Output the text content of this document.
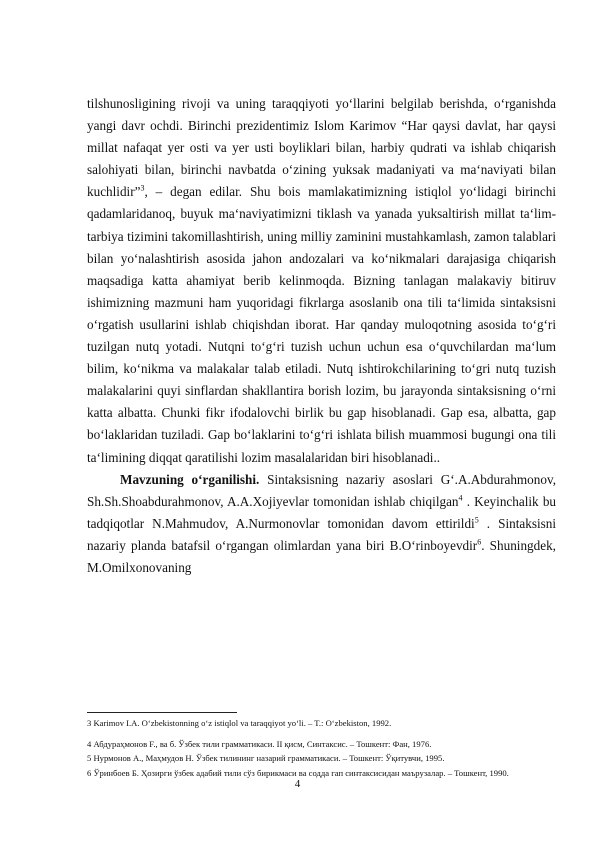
tilshunosligining rivoji va uning taraqqiyoti yo‘llarini belgilab berishda, o‘rganishda yangi davr ochdi. Birinchi prezidentimiz Islom Karimov “Har qaysi davlat, har qaysi millat nafaqat yer osti va yer usti boyliklari bilan, harbiy qudrati va ishlab chiqarish salohiyati bilan, birinchi navbatda o‘zining yuksak madaniyati va ma‘naviyati bilan kuchlidir”$^3$, – degan edilar. Shu bois mamlakatimizning istiqlol yo‘lidagi birinchi qadamlaridanoq, buyuk ma‘naviyatimizni tiklash va yanada yuksaltirish millat ta‘lim-tarbiya tizimini takomillashtirish, uning milliy zaminini mustahkamlash, zamon talablari bilan yo‘nalashtirish asosida jahon andozalari va ko‘nikmalari darajasiga chiqarish maqsadiga katta ahamiyat berib kelinmoqda. Bizning tanlagan malakaviy bitiruv ishimizning mazmuni ham yuqoridagi fikrlarga asoslanib ona tili ta‘limida sintaksisni o‘rgatish usullarini ishlab chiqishdan iborat. Har qanday muloqotning asosida to‘g‘ri tuzilgan nutq yotadi. Nutqni to‘g‘ri tuzish uchun uchun esa o‘quvchilardan ma‘lum bilim, ko‘nikma va malakalar talab etiladi. Nutq ishtirokchilarining to‘gri nutq tuzish malakalarini quyi sinflardan shakllantira borish lozim, bu jarayonda sintaksisning o‘rni katta albatta. Chunki fikr ifodalovchi birlik bu gap hisoblanadi. Gap esa, albatta, gap bo‘laklaridan tuziladi. Gap bo‘laklarini to‘g‘ri ishlata bilish muammosi bugungi ona tili ta‘limining diqqat qaratilishi lozim masalalaridan biri hisoblanadi..

Mavzuning o‘rganilishi. Sintaksisning nazariy asoslari G‘.A.Abdurahmonov, Sh.Sh.Shoabdurahmonov, A.A.Xojiyevlar tomonidan ishlab chiqilgan$^4$ . Keyinchalik bu tadqiqotlar N.Mahmudov, A.Nurmonovlar tomonidan davom ettirildi$^5$ . Sintaksisni nazariy planda batafsil o‘rgangan olimlardan yana biri B.O‘rinboyevdir$^6$. Shuningdek, M.Omilxonovaning

3 Karimov I.A. O‘zbekistonning o‘z istiqlol va taraqqiyot yo‘li. – T.: O‘zbekiston, 1992.

4 Абдураҳмонов F., ва б. Ўзбек тили грамматикаси. II қисм, Синтаксис. – Тошкент: Фан, 1976.

5 Нурмонов А., Маҳмудов Н. Ўзбек тилининг назарий грамматикаси. – Тошкент: Ўқитувчи, 1995.

6 Ўринбоев Б. Ҳозирги ўзбек адабий тили сўз бирикмаси ва содда гап синтаксисидан маърузалар. – Тошкент, 1990.

4
